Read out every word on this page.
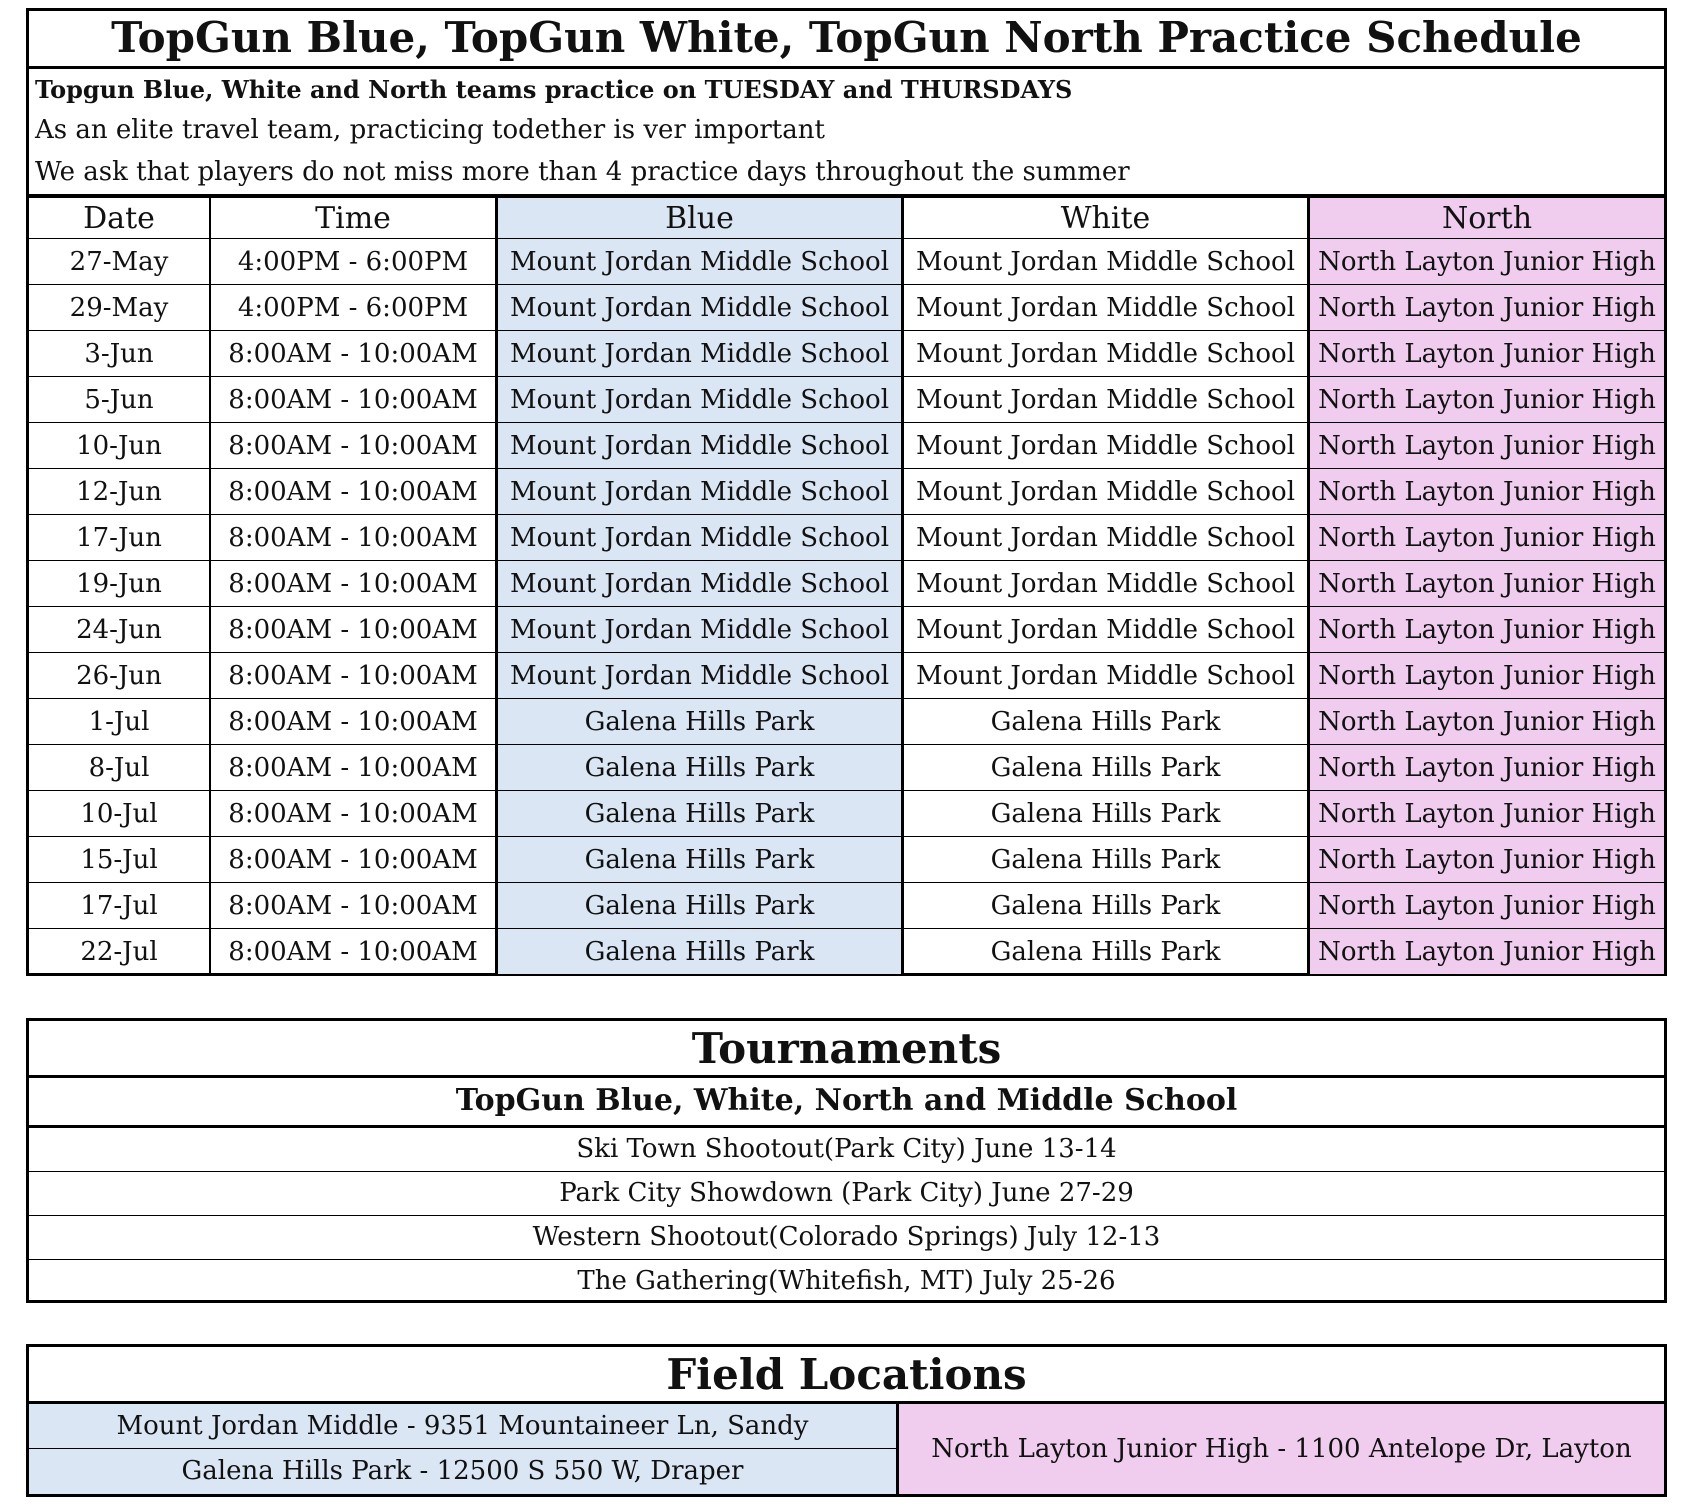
TopGun Blue, TopGun White, TopGun North Practice Schedule
Topgun Blue, White and North teams practice on TUESDAY and THURSDAYS
As an elite travel team, practicing todether is ver important
We ask that players do not miss more than 4 practice days throughout the summer
Date	Time	Blue	White	North
27-May	4:00PM - 6:00PM	Mount Jordan Middle School	Mount Jordan Middle School	North Layton Junior High
29-May	4:00PM - 6:00PM	Mount Jordan Middle School	Mount Jordan Middle School	North Layton Junior High
3-Jun	8:00AM - 10:00AM	Mount Jordan Middle School	Mount Jordan Middle School	North Layton Junior High
5-Jun	8:00AM - 10:00AM	Mount Jordan Middle School	Mount Jordan Middle School	North Layton Junior High
10-Jun	8:00AM - 10:00AM	Mount Jordan Middle School	Mount Jordan Middle School	North Layton Junior High
12-Jun	8:00AM - 10:00AM	Mount Jordan Middle School	Mount Jordan Middle School	North Layton Junior High
17-Jun	8:00AM - 10:00AM	Mount Jordan Middle School	Mount Jordan Middle School	North Layton Junior High
19-Jun	8:00AM - 10:00AM	Mount Jordan Middle School	Mount Jordan Middle School	North Layton Junior High
24-Jun	8:00AM - 10:00AM	Mount Jordan Middle School	Mount Jordan Middle School	North Layton Junior High
26-Jun	8:00AM - 10:00AM	Mount Jordan Middle School	Mount Jordan Middle School	North Layton Junior High
1-Jul	8:00AM - 10:00AM	Galena Hills Park	Galena Hills Park	North Layton Junior High
8-Jul	8:00AM - 10:00AM	Galena Hills Park	Galena Hills Park	North Layton Junior High
10-Jul	8:00AM - 10:00AM	Galena Hills Park	Galena Hills Park	North Layton Junior High
15-Jul	8:00AM - 10:00AM	Galena Hills Park	Galena Hills Park	North Layton Junior High
17-Jul	8:00AM - 10:00AM	Galena Hills Park	Galena Hills Park	North Layton Junior High
22-Jul	8:00AM - 10:00AM	Galena Hills Park	Galena Hills Park	North Layton Junior High
Tournaments
TopGun Blue, White, North and Middle School
Ski Town Shootout(Park City) June 13-14
Park City Showdown (Park City) June 27-29
Western Shootout(Colorado Springs) July 12-13
The Gathering(Whitefish, MT) July 25-26
Field Locations
Mount Jordan Middle - 9351 Mountaineer Ln, Sandy
Galena Hills Park - 12500 S 550 W, Draper
North Layton Junior High - 1100 Antelope Dr, Layton
